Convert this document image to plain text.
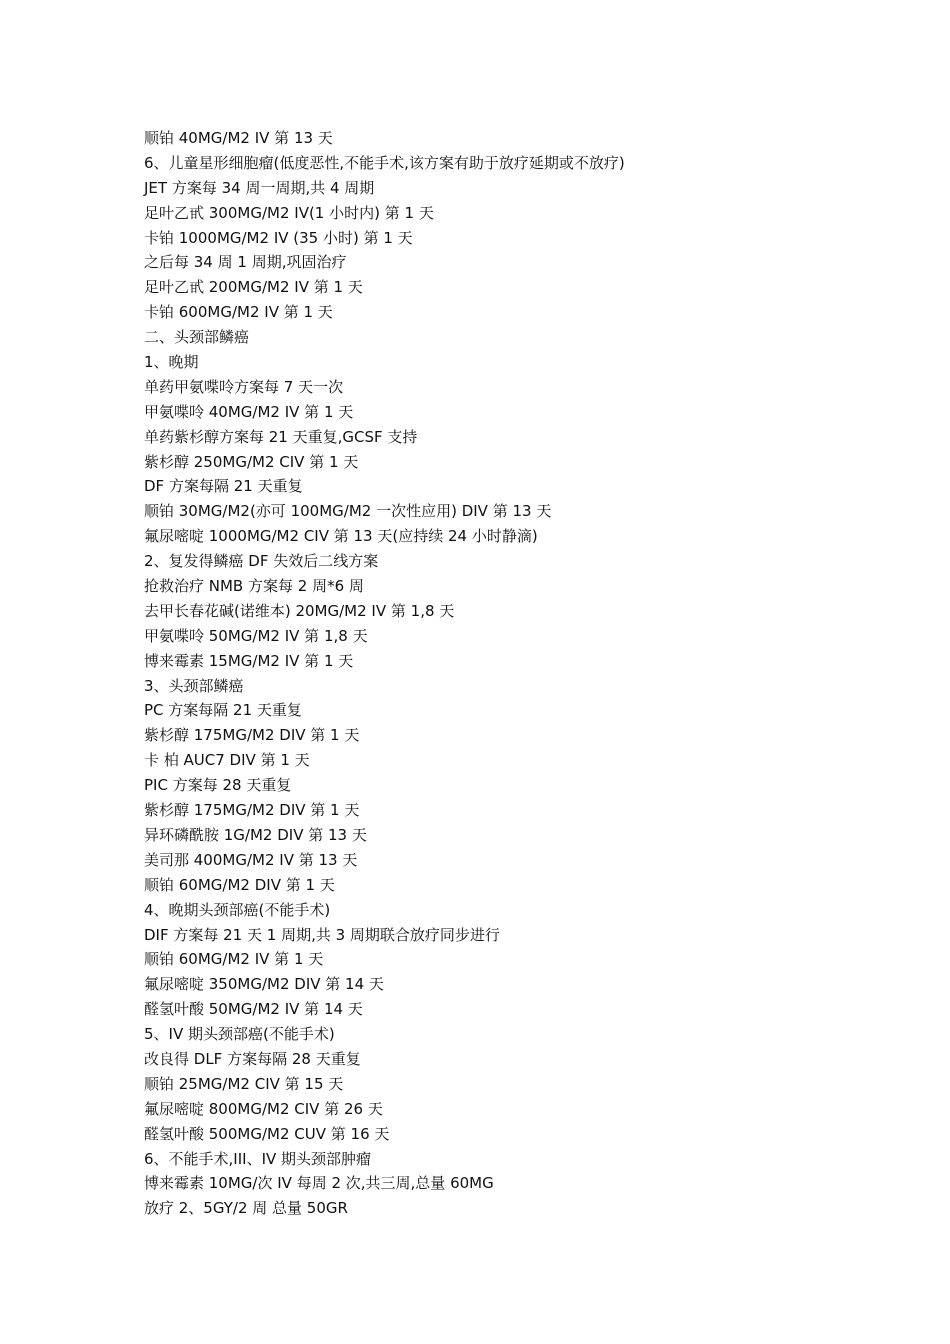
顺铂 40MG/M2 IV 第 13 天
6、儿童星形细胞瘤(低度恶性,不能手术,该方案有助于放疗延期或不放疗)
JET 方案每 34 周一周期,共 4 周期
足叶乙甙 300MG/M2 IV(1 小时内) 第 1 天
卡铂 1000MG/M2 IV (35 小时) 第 1 天
之后每 34 周 1 周期,巩固治疗
足叶乙甙 200MG/M2 IV 第 1 天
卡铂 600MG/M2 IV 第 1 天
二、头颈部鳞癌
1、晚期
单药甲氨喋呤方案每 7 天一次
甲氨喋呤 40MG/M2 IV 第 1 天
单药紫杉醇方案每 21 天重复,GCSF 支持
紫杉醇 250MG/M2 CIV 第 1 天
DF 方案每隔 21 天重复
顺铂 30MG/M2(亦可 100MG/M2 一次性应用) DIV 第 13 天
氟尿嘧啶 1000MG/M2 CIV 第 13 天(应持续 24 小时静滴)
2、复发得鳞癌 DF 失效后二线方案
抢救治疗 NMB 方案每 2 周*6 周
去甲长春花碱(诺维本) 20MG/M2 IV 第 1,8 天
甲氨喋呤 50MG/M2 IV 第 1,8 天
博来霉素 15MG/M2 IV 第 1 天
3、头颈部鳞癌
PC 方案每隔 21 天重复
紫杉醇 175MG/M2 DIV 第 1 天
卡 柏 AUC7 DIV 第 1 天
PIC 方案每 28 天重复
紫杉醇 175MG/M2 DIV 第 1 天
异环磷酰胺 1G/M2 DIV 第 13 天
美司那 400MG/M2 IV 第 13 天
顺铂 60MG/M2 DIV 第 1 天
4、晚期头颈部癌(不能手术)
DIF 方案每 21 天 1 周期,共 3 周期联合放疗同步进行
顺铂 60MG/M2 IV 第 1 天
氟尿嘧啶 350MG/M2 DIV 第 14 天
醛氢叶酸 50MG/M2 IV 第 14 天
5、IV 期头颈部癌(不能手术)
改良得 DLF 方案每隔 28 天重复
顺铂 25MG/M2 CIV 第 15 天
氟尿嘧啶 800MG/M2 CIV 第 26 天
醛氢叶酸 500MG/M2 CUV 第 16 天
6、不能手术,III、IV 期头颈部肿瘤
博来霉素 10MG/次 IV 每周 2 次,共三周,总量 60MG
放疗 2、5GY/2 周 总量 50GR
